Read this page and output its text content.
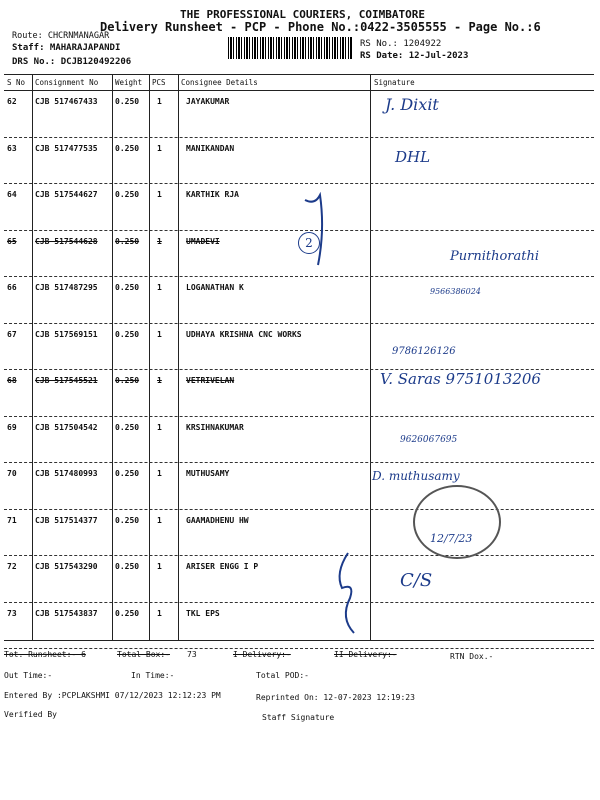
THE PROFESSIONAL COURIERS, COIMBATORE
Delivery Runsheet - PCP - Phone No.:0422-3505555 - Page No.:6
Route: CHCRNMANAGAR
Staff: MAHARAJAPANDI
DRS No.: DCJB120492206
RS No.: 1204922
RS Date: 12-Jul-2023
S No Consignment No Weight PCS Consignee Details	Signature
62 CJB 517467433 0.250 1	JAYAKUMAR	J. Dixit
63 CJB 517477535 0.250 1	MANIKANDAN	DHL
64 CJB 517544627 0.250 1	KARTHIK RJA
65 CJB 517544628 0.250 1	UMADEVI
Purnithorathi
66 CJB 517487295 0.250 1	LOGANATHAN K	9566386024
67 CJB 517569151 0.250 1	UDHAYA KRISHNA CNC WORKS
9786126126
68 CJB 517545521 0.250 1	VETRIVELAN	V. Saras 9751013206
69 CJB 517504542 0.250 1	KRSIHNAKUMAR
9626067695
70 CJB 517480993 0.250 1	MUTHUSAMY	D. muthusamy
71 CJB 517514377 0.250 1	GAAMADHENU HW
12/7/23
72 CJB 517543290 0.250 1	ARISER ENGG I P
C/S
73 CJB 517543837 0.250 1	TKL EPS
2
Tot. Runsheet:- 6	Total Box:- 73	I Delivery:-	II Delivery:-	RTN Dox.-
Out Time:-	In Time:-	Total POD:-
Entered By :PCPLAKSHMI 07/12/2023 12:12:23 PM	Reprinted On: 12-07-2023 12:19:23
Verified By	Staff Signature
